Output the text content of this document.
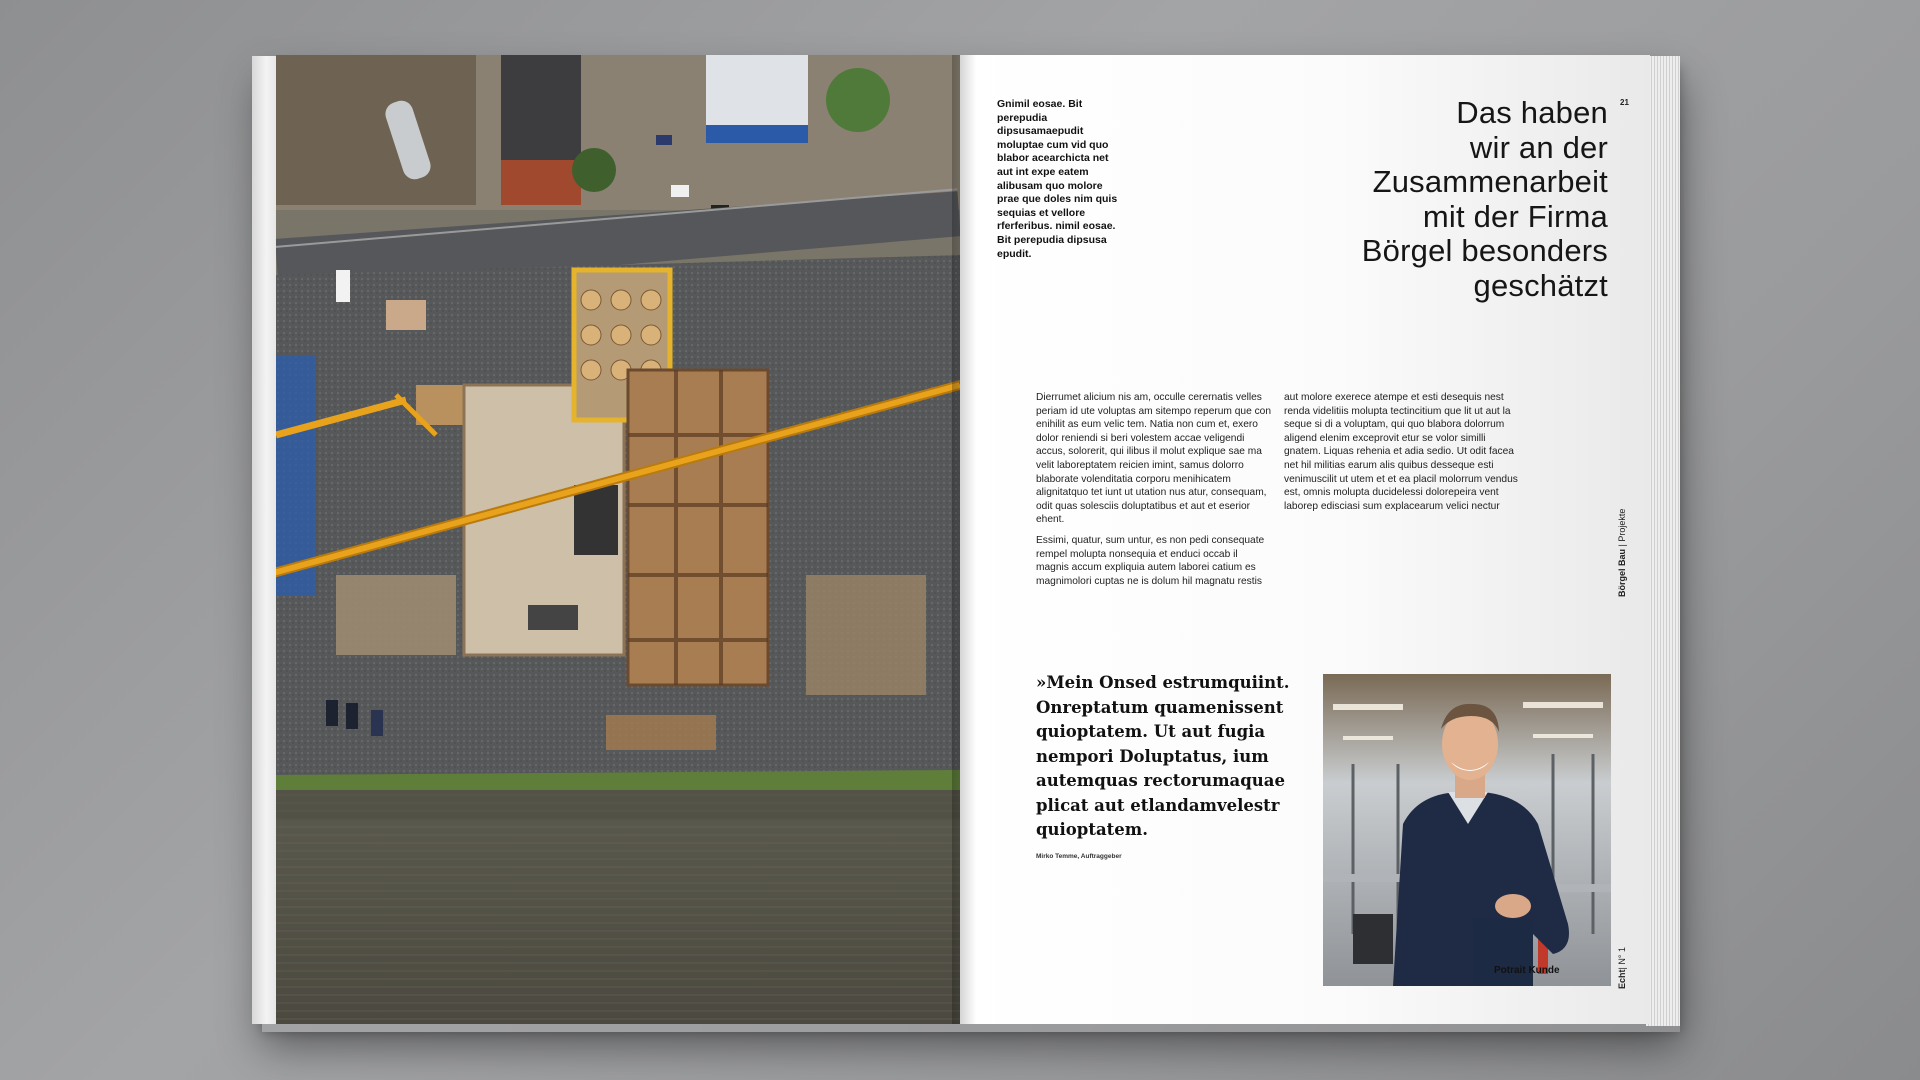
Gnimil eosae. Bit perepudia dipsusamaepudit moluptae cum vid quo blabor acearchicta net aut int expe eatem alibusam quo molore prae que doles nim quis sequias et vellore rferferibus. nimil eosae. Bit perepudia dipsusa epudit.
Das haben
wir an der
Zusammenarbeit
mit der Firma
Börgel besonders
geschätzt
21

Dierrumet alicium nis am, occulle cerernatis velles periam id ute voluptas am sitempo reperum que con enihilit as eum velic tem. Natia non cum et, exero dolor reniendi si beri volestem accae veligendi accus, solorerit, qui ilibus il molut explique sae ma velit laboreptatem reicien imint, samus dolorro blaborate volenditatia corporu menihicatem alignitatquo tet iunt ut utation nus atur, consequam, odit quas solesciis doluptatibus et aut et eserior ehent.

Essimi, quatur, sum untur, es non pedi consequate rempel molupta nonsequia et enduci occab il magnis accum expliquia autem laborei catium es magnimolori cuptas ne is dolum hil magnatu restis

aut molore exerece atempe et esti desequis nest renda videlitiis molupta tectincitium que lit ut aut la seque si di a voluptam, qui quo blabora dolorrum aligend elenim exceprovit etur se volor similli gnatem. Liquas rehenia et adia sedio. Ut odit facea net hil militias earum alis quibus desseque esti venimuscilit ut utem et et ea placil molorrum vendus est, omnis molupta ducidelessi dolorepeira vent laborep edisciasi sum explacearum velici nectur

Börgel Bau | Projekte
»Mein Onsed estrumquiint. Onreptatum quamenissent quioptatem. Ut aut fugia nempori Doluptatus, ium autemquas rectorumaquae plicat aut etlandamvelestr quioptatem.
Mirko Temme, Auftraggeber
Potrait Kunde	Echt| N° 1
